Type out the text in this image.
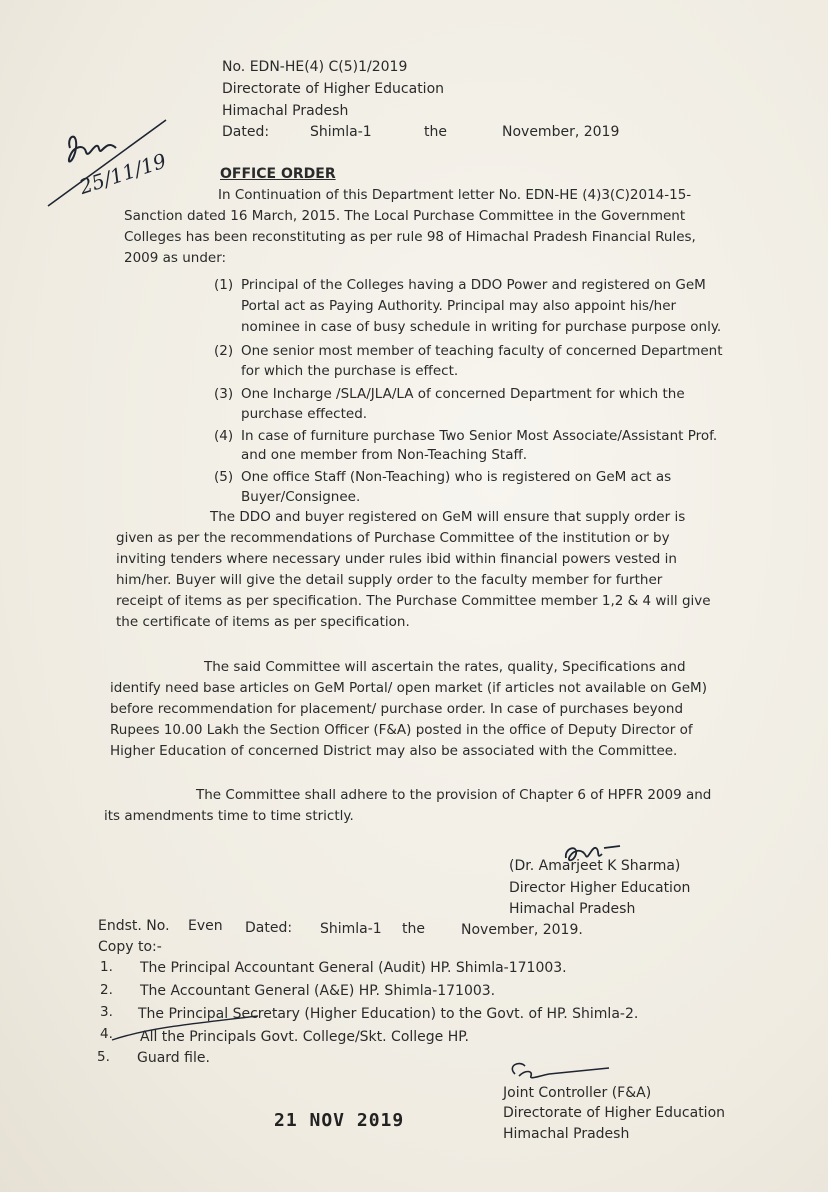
No. EDN-HE(4) C(5)1/2019
Directorate of Higher Education
Himachal Pradesh
Dated:	Shimla-1	the	November, 2019
25/11/19	OFFICE ORDER
In Continuation of this Department letter No. EDN-HE (4)3(C)2014-15-
Sanction dated 16 March, 2015. The Local Purchase Committee in the Government
Colleges has been reconstituting as per rule 98 of Himachal Pradesh Financial Rules,
2009 as under:
(1) Principal of the Colleges having a DDO Power and registered on GeM
Portal act as Paying Authority. Principal may also appoint his/her
nominee in case of busy schedule in writing for purchase purpose only.
(2) One senior most member of teaching faculty of concerned Department
for which the purchase is effect.
(3) One Incharge /SLA/JLA/LA of concerned Department for which the
purchase effected.
(4) In case of furniture purchase Two Senior Most Associate/Assistant Prof.
and one member from Non-Teaching Staff.
(5) One office Staff (Non-Teaching) who is registered on GeM act as
Buyer/Consignee.
The DDO and buyer registered on GeM will ensure that supply order is
given as per the recommendations of Purchase Committee of the institution or by
inviting tenders where necessary under rules ibid within financial powers vested in
him/her. Buyer will give the detail supply order to the faculty member for further
receipt of items as per specification. The Purchase Committee member 1,2 & 4 will give
the certificate of items as per specification.
The said Committee will ascertain the rates, quality, Specifications and
identify need base articles on GeM Portal/ open market (if articles not available on GeM)
before recommendation for placement/ purchase order. In case of purchases beyond
Rupees 10.00 Lakh the Section Officer (F&A) posted in the office of Deputy Director of
Higher Education of concerned District may also be associated with the Committee.
The Committee shall adhere to the provision of Chapter 6 of HPFR 2009 and
its amendments time to time strictly.
(Dr. Amarjeet K Sharma)
Director Higher Education
Himachal Pradesh
Endst. No. Even Dated: Shimla-1 the	November, 2019.
Copy to:-
1. The Principal Accountant General (Audit) HP. Shimla-171003.
2. The Accountant General (A&E) HP. Shimla-171003.
3. The Principal Secretary (Higher Education) to the Govt. of HP. Shimla-2.
4. All the Principals Govt. College/Skt. College HP.
5. Guard file.
Joint Controller (F&A)
Directorate of Higher Education
Himachal Pradesh
21 NOV 2019
